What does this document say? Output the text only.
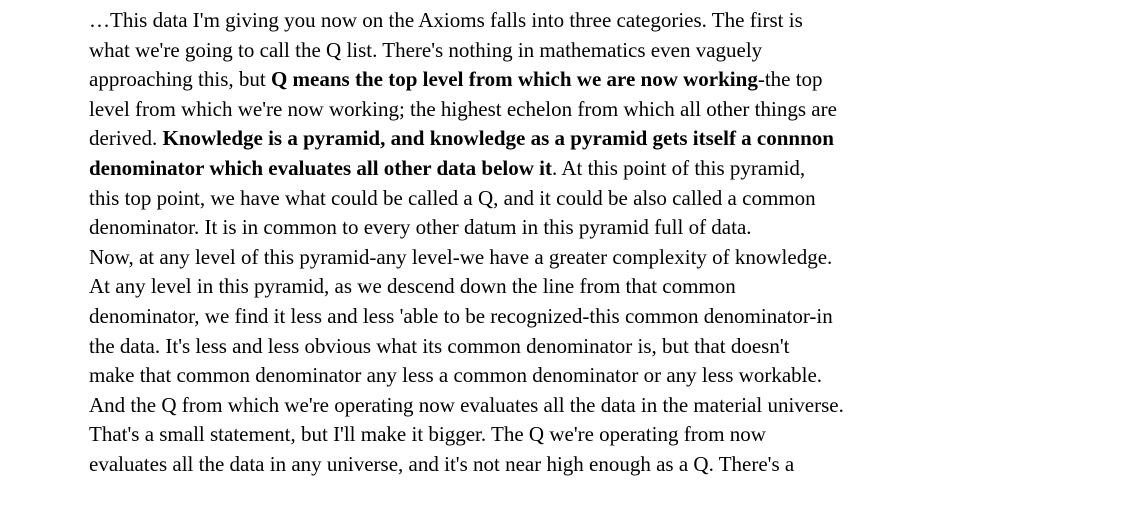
…This data I'm giving you now on the Axioms falls into three categories. The first is
what we're going to call the Q list. There's nothing in mathematics even vaguely
approaching this, but Q means the top level from which we are now working-the top
level from which we're now working; the highest echelon from which all other things are
derived. Knowledge is a pyramid, and knowledge as a pyramid gets itself a connnon
denominator which evaluates all other data below it. At this point of this pyramid,
this top point, we have what could be called a Q, and it could be also called a common
denominator. It is in common to every other datum in this pyramid full of data.
Now, at any level of this pyramid-any level-we have a greater complexity of knowledge.
At any level in this pyramid, as we descend down the line from that common
denominator, we find it less and less 'able to be recognized-this common denominator-in
the data. It's less and less obvious what its common denominator is, but that doesn't
make that common denominator any less a common denominator or any less workable.
And the Q from which we're operating now evaluates all the data in the material universe.
That's a small statement, but I'll make it bigger. The Q we're operating from now
evaluates all the data in any universe, and it's not near high enough as a Q. There's a
